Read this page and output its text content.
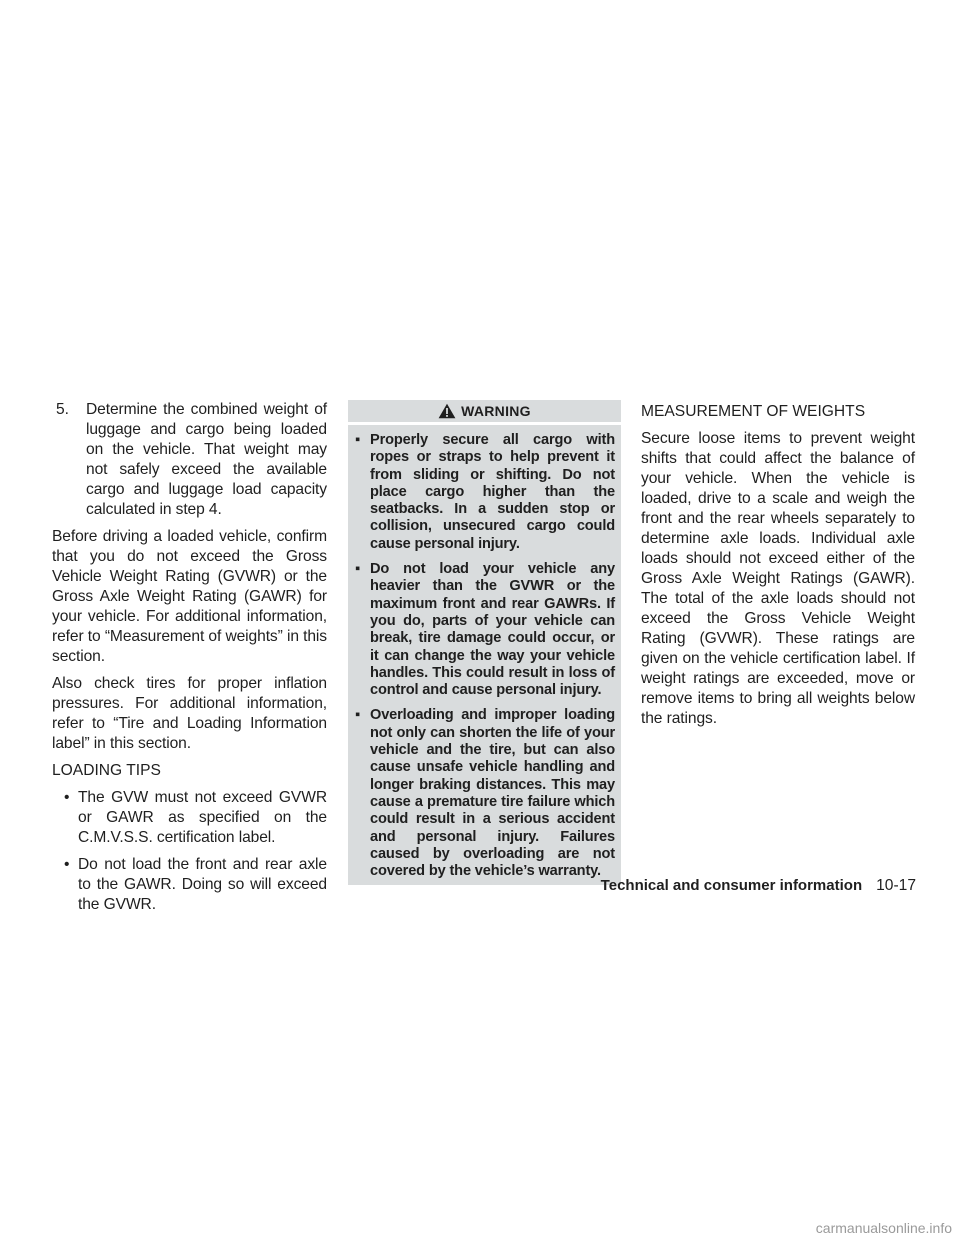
5.	Determine the combined weight of luggage and cargo being loaded on the vehicle. That weight may not safely exceed the available cargo and luggage load capacity calculated in step 4.

Before driving a loaded vehicle, confirm that you do not exceed the Gross Vehicle Weight Rating (GVWR) or the Gross Axle Weight Rating (GAWR) for your vehicle. For additional information, refer to “Measurement of weights” in this section.

Also check tires for proper inflation pressures. For additional information, refer to “Tire and Loading Information label” in this section.

LOADING TIPS
• The GVW must not exceed GVWR or GAWR as specified on the C.M.V.S.S. certification label.
• Do not load the front and rear axle to the GAWR. Doing so will exceed the GVWR.
WARNING
▪ Properly secure all cargo with ropes or straps to help prevent it from sliding or shifting. Do not place cargo higher than the seatbacks. In a sudden stop or collision, unsecured cargo could cause personal injury.
▪ Do not load your vehicle any heavier than the GVWR or the maximum front and rear GAWRs. If you do, parts of your vehicle can break, tire damage could occur, or it can change the way your vehicle handles. This could result in loss of control and cause personal injury.
▪ Overloading and improper loading not only can shorten the life of your vehicle and the tire, but can also cause unsafe vehicle handling and longer braking distances. This may cause a premature tire failure which could result in a serious accident and personal injury. Failures caused by overloading are not covered by the vehicle’s warranty.
MEASUREMENT OF WEIGHTS

Secure loose items to prevent weight shifts that could affect the balance of your vehicle. When the vehicle is loaded, drive to a scale and weigh the front and the rear wheels separately to determine axle loads. Individual axle loads should not exceed either of the Gross Axle Weight Ratings (GAWR). The total of the axle loads should not exceed the Gross Vehicle Weight Rating (GVWR). These ratings are given on the vehicle certification label. If weight ratings are exceeded, move or remove items to bring all weights below the ratings.

Technical and consumer information 10-17
carmanualsonline.info
